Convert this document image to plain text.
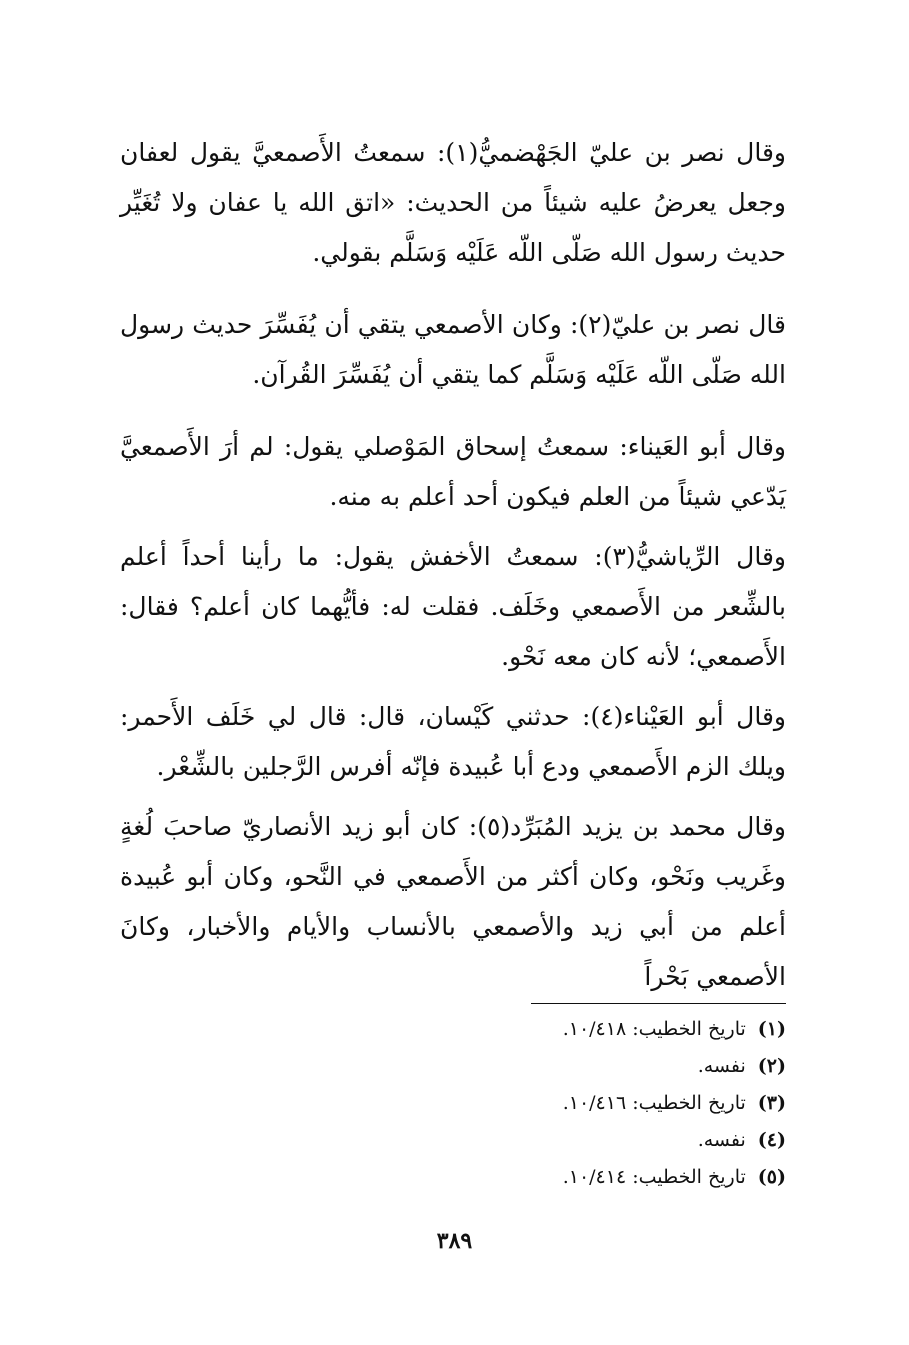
وقال نصر بن عليّ الجَهْضميُّ(١): سمعتُ الأَصمعيَّ يقول لعفان وجعل يعرضُ عليه شيئاً من الحديث: «اتق الله يا عفان ولا تُغَيِّر حديث رسول الله صَلّى اللّه عَلَيْه وَسَلَّم بقولي.

قال نصر بن عليّ(٢): وكان الأصمعي يتقي أن يُفَسِّرَ حديث رسول الله صَلّى اللّه عَلَيْه وَسَلَّم كما يتقي أن يُفَسِّرَ القُرآن.

وقال أبو العَيناء: سمعتُ إسحاق المَوْصلي يقول: لم أرَ الأَصمعيَّ يَدّعي شيئاً من العلم فيكون أحد أعلم به منه.

وقال الرِّياشيُّ(٣): سمعتُ الأخفش يقول: ما رأينا أحداً أعلم بالشِّعر من الأَصمعي وخَلَف. فقلت له: فأيُّهما كان أعلم؟ فقال: الأَصمعي؛ لأنه كان معه نَحْو.

وقال أبو العَيْناء(٤): حدثني كَيْسان، قال: قال لي خَلَف الأَحمر: ويلك الزم الأَصمعي ودع أبا عُبيدة فإنّه أفرس الرَّجلين بالشِّعْر.

وقال محمد بن يزيد المُبَرِّد(٥): كان أبو زيد الأنصاريّ صاحبَ لُغةٍ وغَريب ونَحْو، وكان أكثر من الأَصمعي في النَّحو، وكان أبو عُبيدة أعلم من أبي زيد والأصمعي بالأنساب والأيام والأخبار، وكانَ الأصمعي بَحْراً

(١)تاريخ الخطيب: ١٠/٤١٨.
(٢)نفسه.
(٣)تاريخ الخطيب: ١٠/٤١٦.
(٤)نفسه.
(٥)تاريخ الخطيب: ١٠/٤١٤.
٣٨٩
